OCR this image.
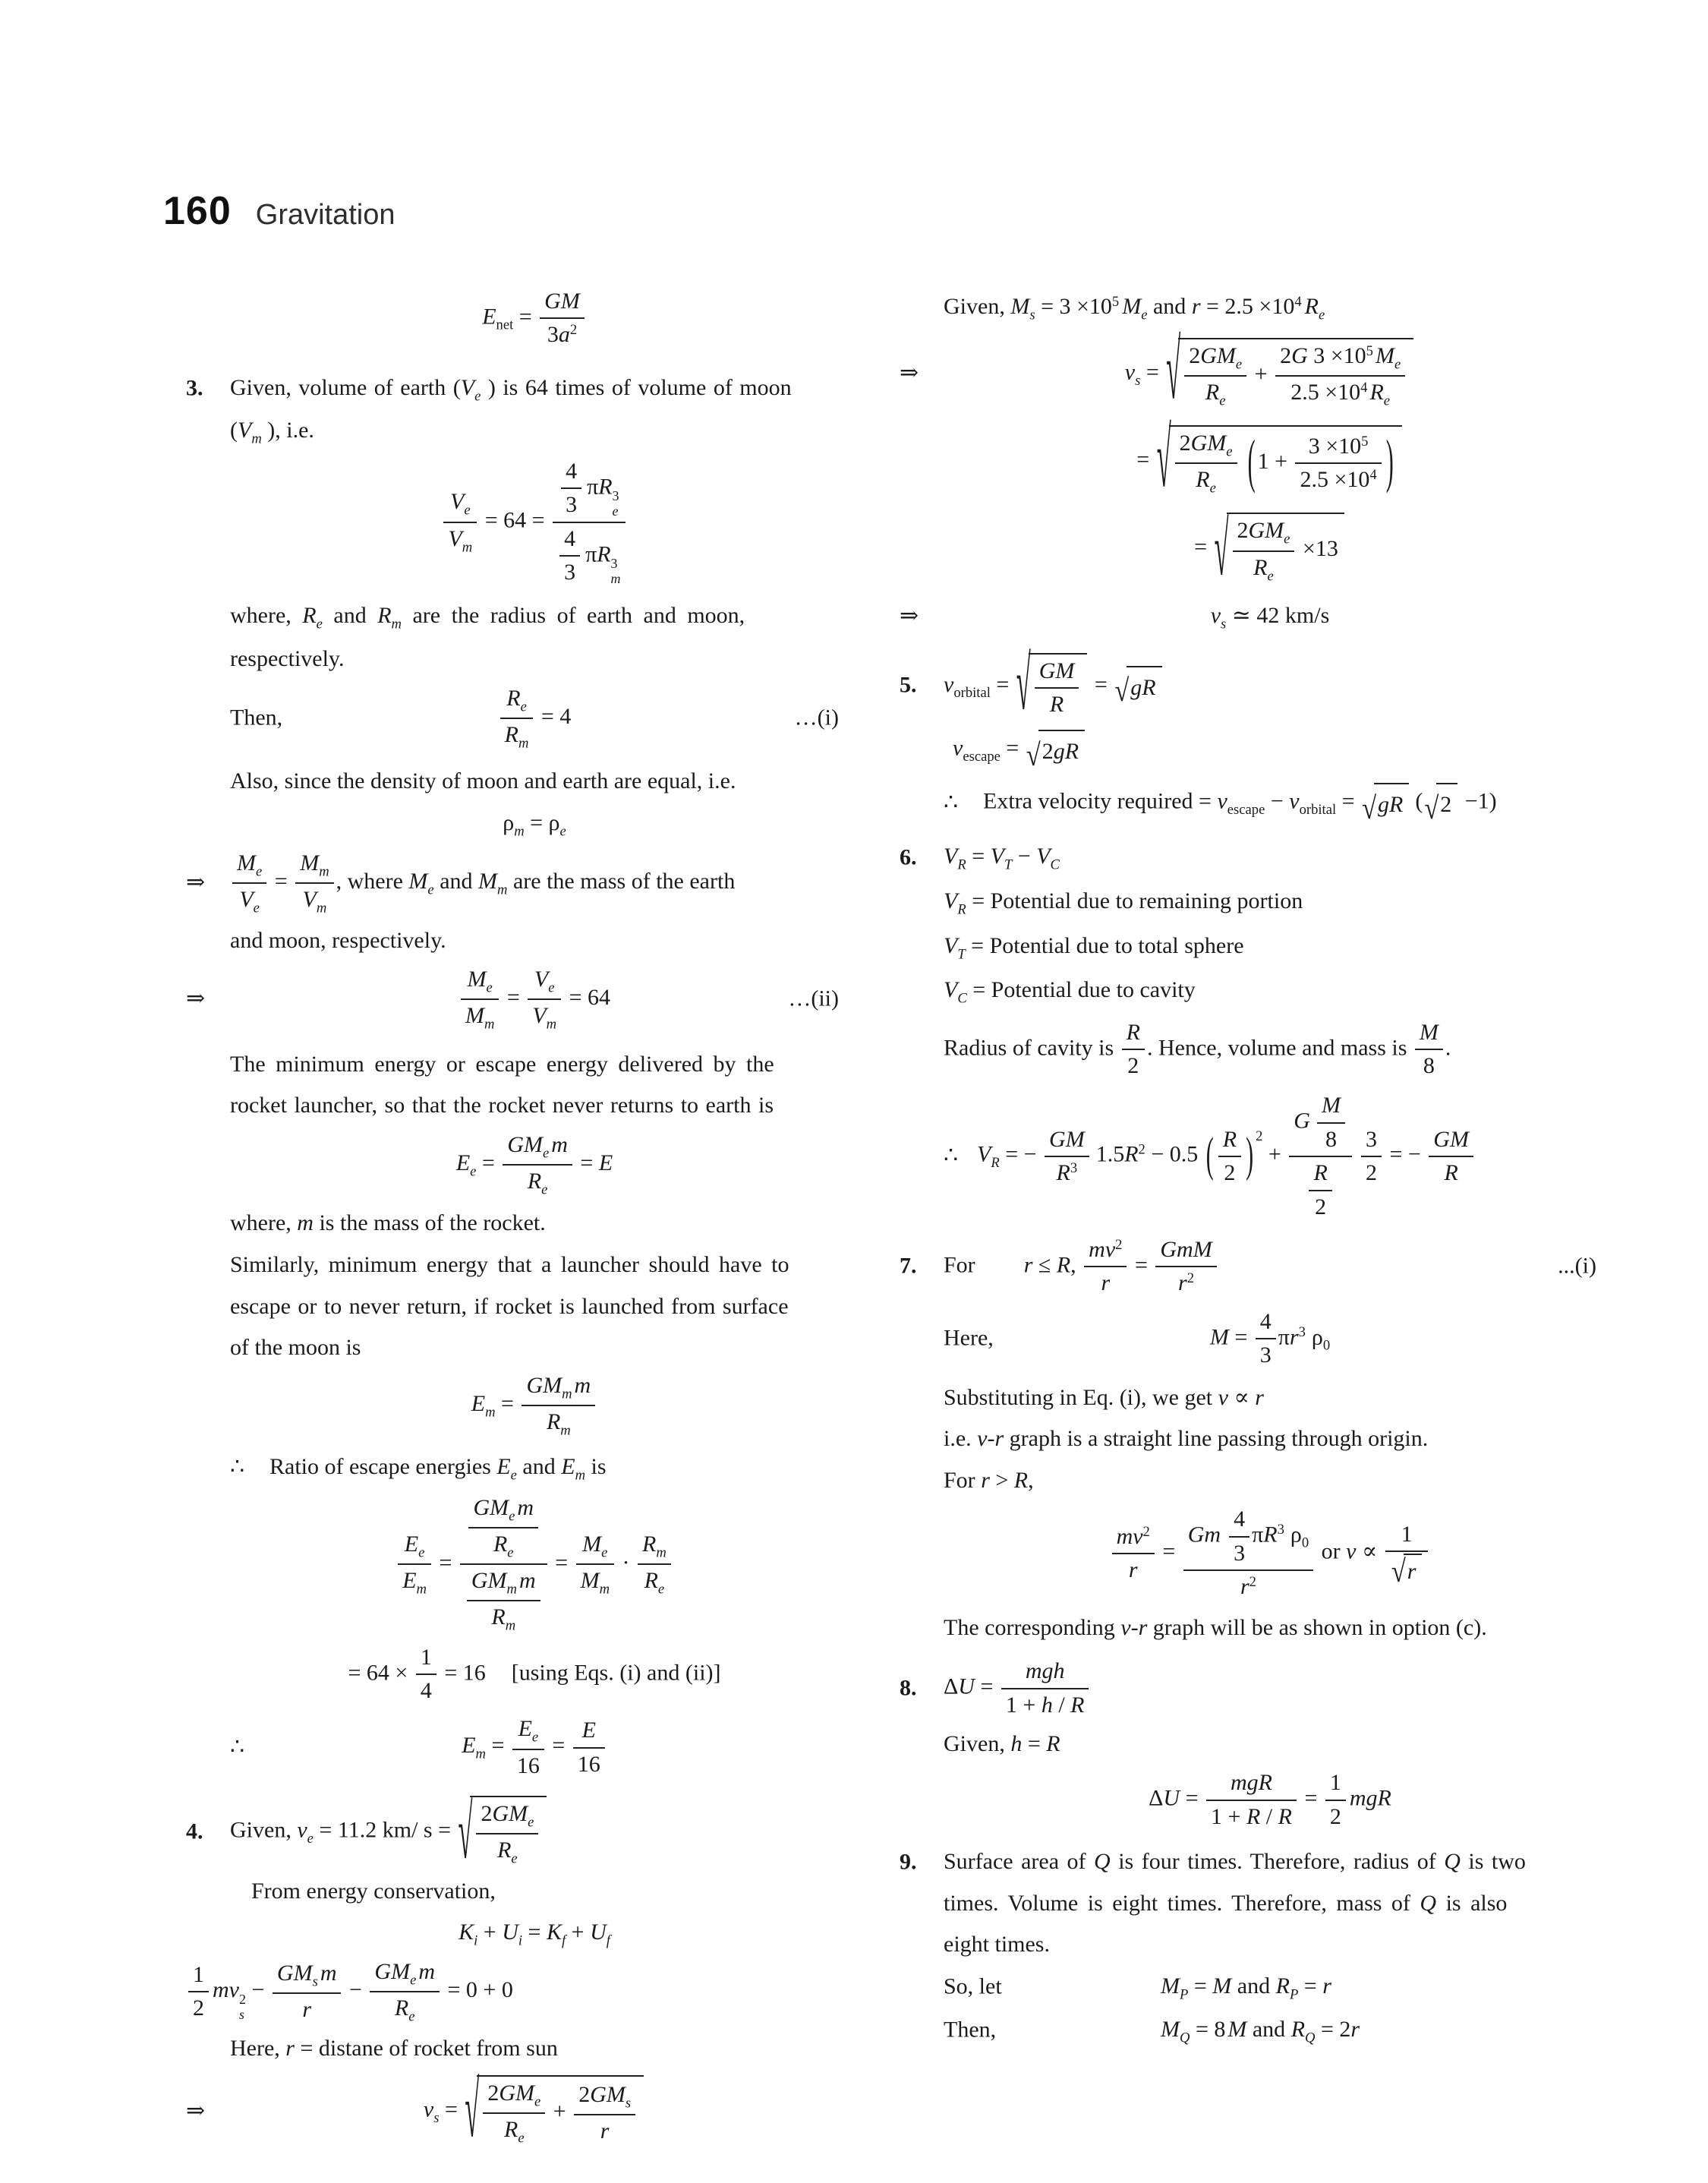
160 Gravitation
$E_{net} = \frac{GM}{3a^2}$
3. Given, volume of earth ($V_e$ ) is 64 times of volume of moon
($V_m$ ), i.e.
$\frac{V_e}{V_m} = 64 = \frac{4}{3}$ πR 3
e
$\frac{4}{3}$ πR 3
m
where, $R_e$ and $R_m$ are the radius of earth and moon,
respectively.
Then,	$\frac{R_e}{R_m} = 4$	…(i)
Also, since the density of moon and earth are equal, i.e.
$\rho_m = \rho_e$
⇒ $\frac{M_e}{V_e} = \frac{M_m}{V_m}$ , where $M_e$ and $M_m$ are the mass of the earth
and moon, respectively.
⇒	$\frac{M_e}{M_m} = \frac{V_e}{V_m} = 64$	…(ii)
The minimum energy or escape energy delivered by the
rocket launcher, so that the rocket never returns to earth is
$E_e = \frac{GM_e m}{R_e} = E$
where, m is the mass of the rocket.
Similarly, minimum energy that a launcher should have to
escape or to never return, if rocket is launched from surface
of the moon is
$E_m = \frac{GM_m m}{R_m}$
∴ Ratio of escape energies $E_e$ and $E_m$ is
$\frac{E_e}{E_m} = \frac{\frac{GM_e m}{R_e}}{\frac{GM_m m}{R_m}} = \frac{M_e}{M_m} \cdot \frac{R_m}{R_e}$
= $64 \times \frac{1}{4} = 16$ [using Eqs. (i) and (ii)]
∴	$E_m = \frac{E_e}{16} = \frac{E}{16}$
4. Given, $v_e = 11.2$ km/ s = √ $\frac{2GM_e}{R_e}$
From energy conservation,
$K_i + U_i = K_f + U_f$
$\frac{1}{2}$ mv 2
s
− $\frac{GM_s m}{r} - \frac{GM_e m}{R_e} = 0 + 0$
Here, r = distane of rocket from sun
⇒	$v_s$ = √ $\frac{2GM_e}{R_e} + \frac{2GM_s}{r}$
Given, $M_s = 3 \times 10^5$ $M_e$ and $r = 2.5 \times 10^4$ $R_e$
⇒	$v_s$ = √ $\frac{2GM_e}{R_e} + \frac{2G 3 \times 10^5 M_e}{2.5 \times 10^4 R_e}$
= √ $\frac{2GM_e}{R_e}$ ( $1 + \frac{3 \times 10^5}{2.5 \times 10^4}$ )
= √ $\frac{2GM_e}{R_e} \times 13$
⇒	$v_s$ ≃ 42 km/s
5. $v_{orbital}$ = √ $\frac{GM}{R}$ = √ gR
$v_{escape}$ = √ 2gR
∴ Extra velocity required = $v_{escape} - v_{orbital}$ = √ gR ( √ 2 −1)
6. $V_R = V_T - V_C$
$V_R$ = Potential due to remaining portion
$V_T$ = Potential due to total sphere
$V_C$ = Potential due to cavity
Radius of cavity is $\frac{R}{2}$ . Hence, volume and mass is $\frac{M}{8}$ .
∴ $V_R$ = − $\frac{GM}{R^3} 1.5R^2 - 0.5$ ( $\frac{R}{2}$ ) $^2 + \frac{G \frac{M}{8}}{\frac{R}{2}} \frac{3}{2}$ = − $\frac{GM}{R}$
7. For r ≤ R, $\frac{mv^2}{r} = \frac{\text{GmM}}{r^2}$	...(i)
Here,	$M = \frac{4}{3} \pi r^3$ $\rho_0$
Substituting in Eq. (i), we get v ∝ r
i.e. v-r graph is a straight line passing through origin.
For r > R,
$\frac{mv^2}{r} = \frac{Gm \frac{4}{3} \pi R^3 \rho_0}{r^2}$ or $v \propto \frac{1}{√ r}$
The corresponding v-r graph will be as shown in option (c).
8. $\Delta U = \frac{\text{mgh}}{1 + h / R}$
Given, h = R
$\Delta U = \frac{\text{mgR}}{1 + R / R} = \frac{1}{2}$ mgR
9. Surface area of Q is four times. Therefore, radius of Q is two
times. Volume is eight times. Therefore, mass of Q is also
eight times.
So, let	$M_P = M$ and $R_P = r$
Then,	$M_Q = 8$ M and $R_Q = 2r$
